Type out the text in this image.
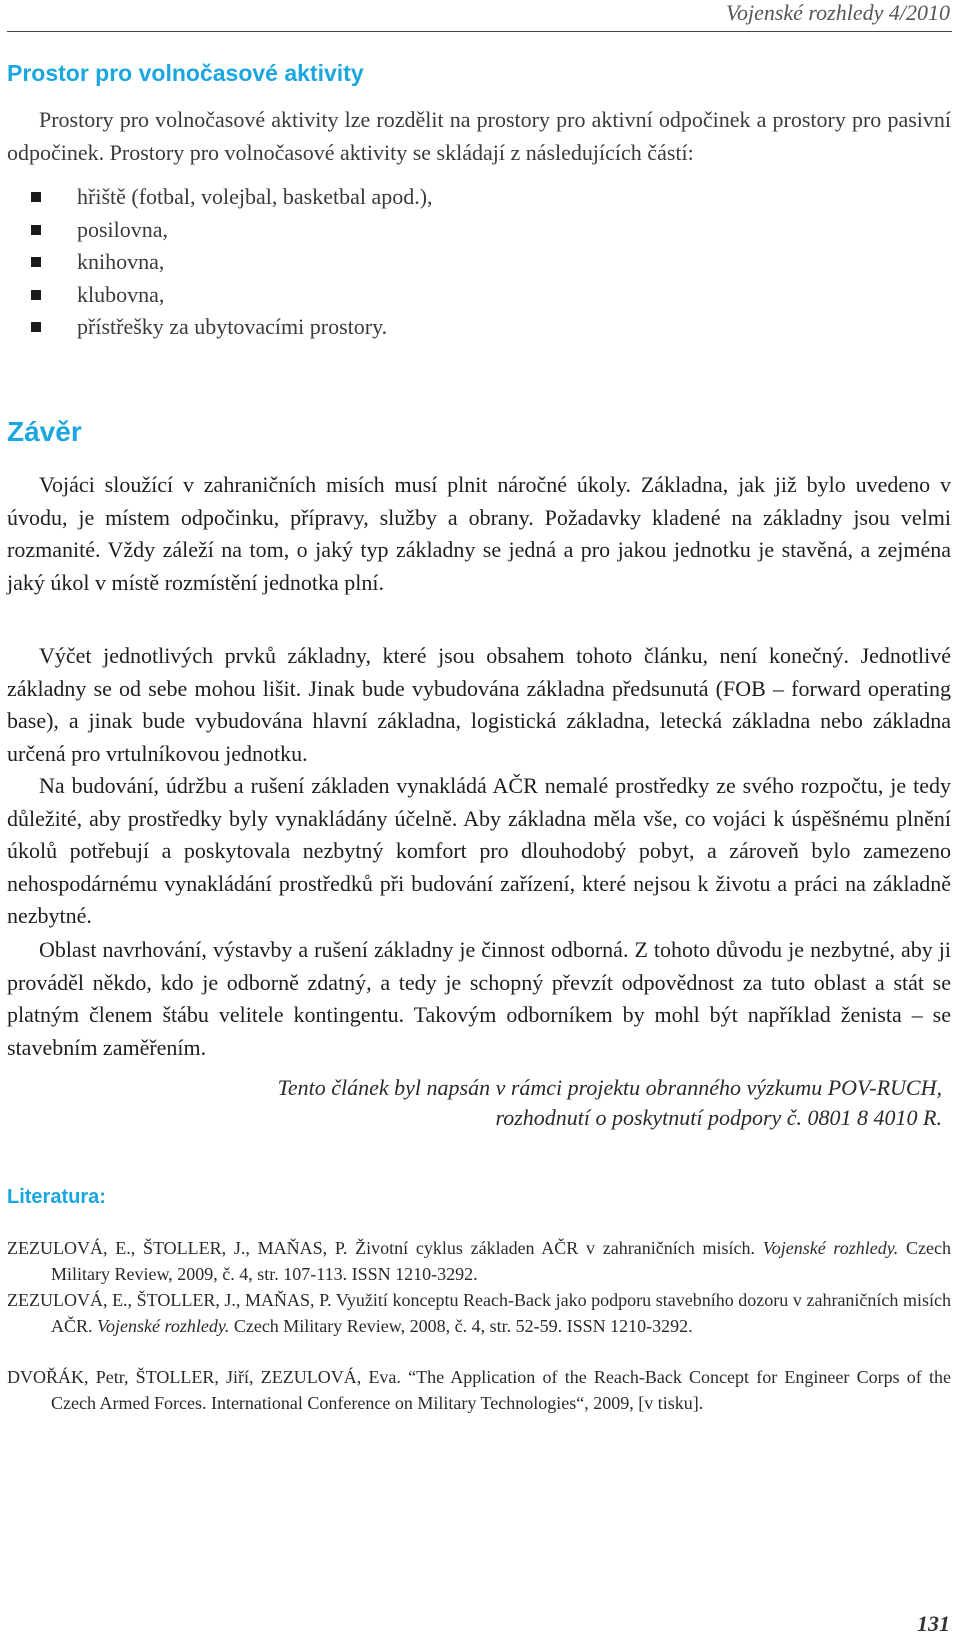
Vojenské rozhledy 4/2010
Prostor pro volnočasové aktivity

Prostory pro volnočasové aktivity lze rozdělit na prostory pro aktivní odpočinek a prostory pro pasivní odpočinek. Prostory pro volnočasové aktivity se skládají z následujících částí:

hřiště (fotbal, volejbal, basketbal apod.),
posilovna,
knihovna,
klubovna,
přístřešky za ubytovacími prostory.
Závěr

Vojáci sloužící v zahraničních misích musí plnit náročné úkoly. Základna, jak již bylo uvedeno v úvodu, je místem odpočinku, přípravy, služby a obrany. Požadavky kladené na základny jsou velmi rozmanité. Vždy záleží na tom, o jaký typ základny se jedná a pro jakou jednotku je stavěná, a zejména jaký úkol v místě rozmístění jednotka plní.

Výčet jednotlivých prvků základny, které jsou obsahem tohoto článku, není konečný. Jednotlivé základny se od sebe mohou lišit. Jinak bude vybudována základna předsunutá (FOB – forward operating base), a jinak bude vybudována hlavní základna, logistická základna, letecká základna nebo základna určená pro vrtulníkovou jednotku.

Na budování, údržbu a rušení základen vynakládá AČR nemalé prostředky ze svého rozpočtu, je tedy důležité, aby prostředky byly vynakládány účelně. Aby základna měla vše, co vojáci k úspěšnému plnění úkolů potřebují a poskytovala nezbytný komfort pro dlouhodobý pobyt, a zároveň bylo zamezeno nehospodárnému vynakládání prostředků při budování zařízení, které nejsou k životu a práci na základně nezbytné.

Oblast navrhování, výstavby a rušení základny je činnost odborná. Z tohoto důvodu je nezbytné, aby ji prováděl někdo, kdo je odborně zdatný, a tedy je schopný převzít odpovědnost za tuto oblast a stát se platným členem štábu velitele kontingentu. Takovým odborníkem by mohl být například ženista – se stavebním zaměřením.

Tento článek byl napsán v rámci projektu obranného výzkumu POV-RUCH,
rozhodnutí o poskytnutí podpory č. 0801 8 4010 R.
Literatura:
ZEZULOVÁ, E., ŠTOLLER, J., MAŇAS, P. Životní cyklus základen AČR v zahraničních misích. Vojenské rozhledy. Czech Military Review, 2009, č. 4, str. 107-113. ISSN 1210-3292.
ZEZULOVÁ, E., ŠTOLLER, J., MAŇAS, P. Využití konceptu Reach-Back jako podporu stavebního dozoru v zahraničních misích AČR. Vojenské rozhledy. Czech Military Review, 2008, č. 4, str. 52-59. ISSN 1210-3292.
DVOŘÁK, Petr, ŠTOLLER, Jiří, ZEZULOVÁ, Eva. “The Application of the Reach-Back Concept for Engineer Corps of the Czech Armed Forces. International Conference on Military Technologies“, 2009, [v tisku].
131
